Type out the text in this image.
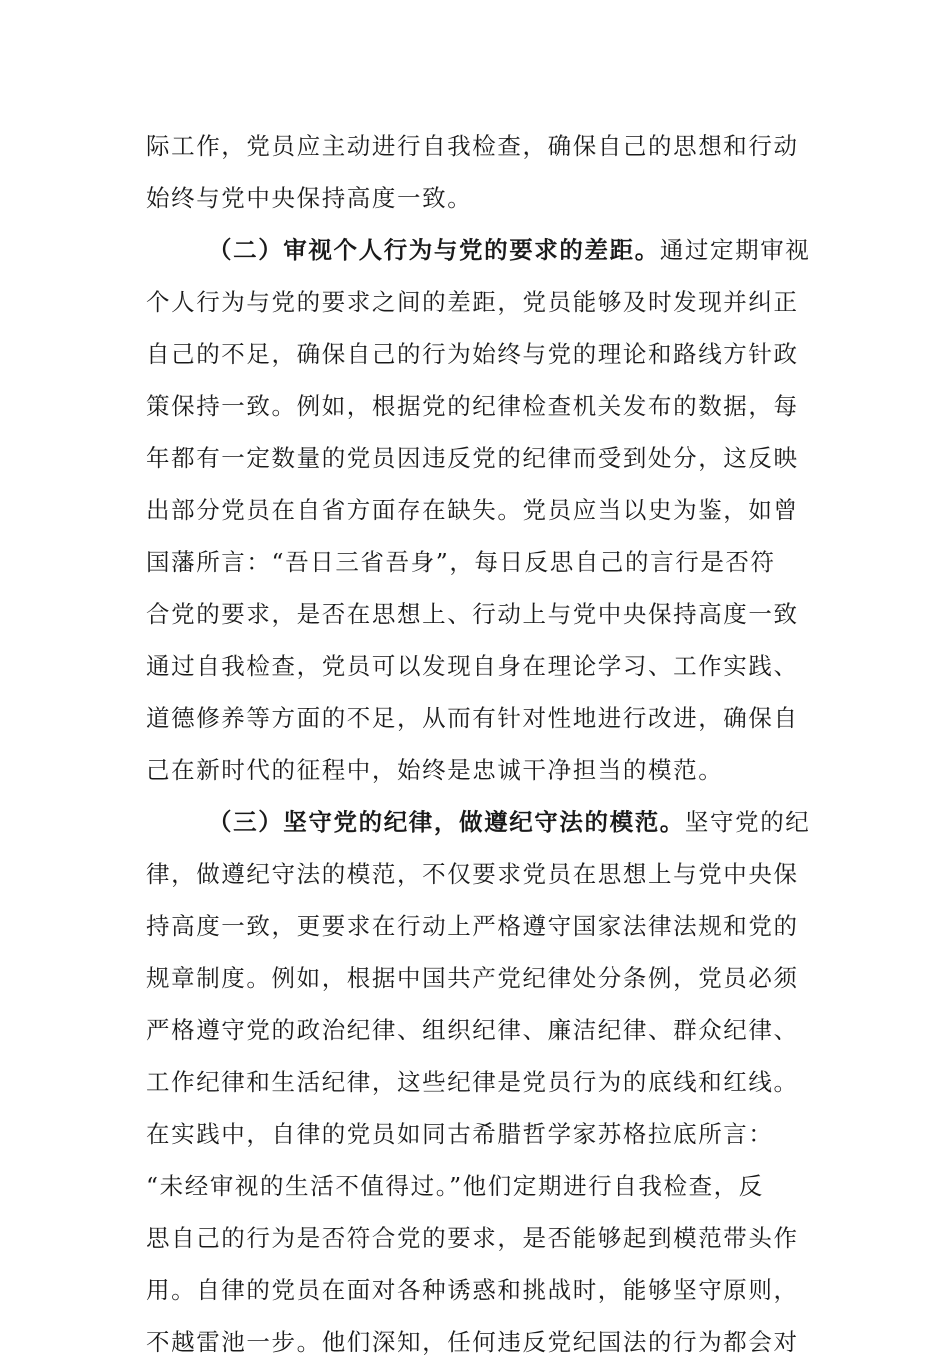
际工作，党员应主动进行自我检查，确保自己的思想和行动
始终与党中央保持高度一致。
（二）审视个人行为与党的要求的差距。通过定期审视
个人行为与党的要求之间的差距，党员能够及时发现并纠正
自己的不足，确保自己的行为始终与党的理论和路线方针政
策保持一致。例如，根据党的纪律检查机关发布的数据，每
年都有一定数量的党员因违反党的纪律而受到处分，这反映
出部分党员在自省方面存在缺失。党员应当以史为鉴，如曾
国藩所言：“吾日三省吾身”，每日反思自己的言行是否符
合党的要求，是否在思想上、行动上与党中央保持高度一致
通过自我检查，党员可以发现自身在理论学习、工作实践、
道德修养等方面的不足，从而有针对性地进行改进，确保自
己在新时代的征程中，始终是忠诚干净担当的模范。
（三）坚守党的纪律，做遵纪守法的模范。坚守党的纪
律，做遵纪守法的模范，不仅要求党员在思想上与党中央保
持高度一致，更要求在行动上严格遵守国家法律法规和党的
规章制度。例如，根据中国共产党纪律处分条例，党员必须
严格遵守党的政治纪律、组织纪律、廉洁纪律、群众纪律、
工作纪律和生活纪律，这些纪律是党员行为的底线和红线。
在实践中，自律的党员如同古希腊哲学家苏格拉底所言：
“未经审视的生活不值得过。”他们定期进行自我检查，反
思自己的行为是否符合党的要求，是否能够起到模范带头作
用。自律的党员在面对各种诱惑和挑战时，能够坚守原则，
不越雷池一步。他们深知，任何违反党纪国法的行为都会对
